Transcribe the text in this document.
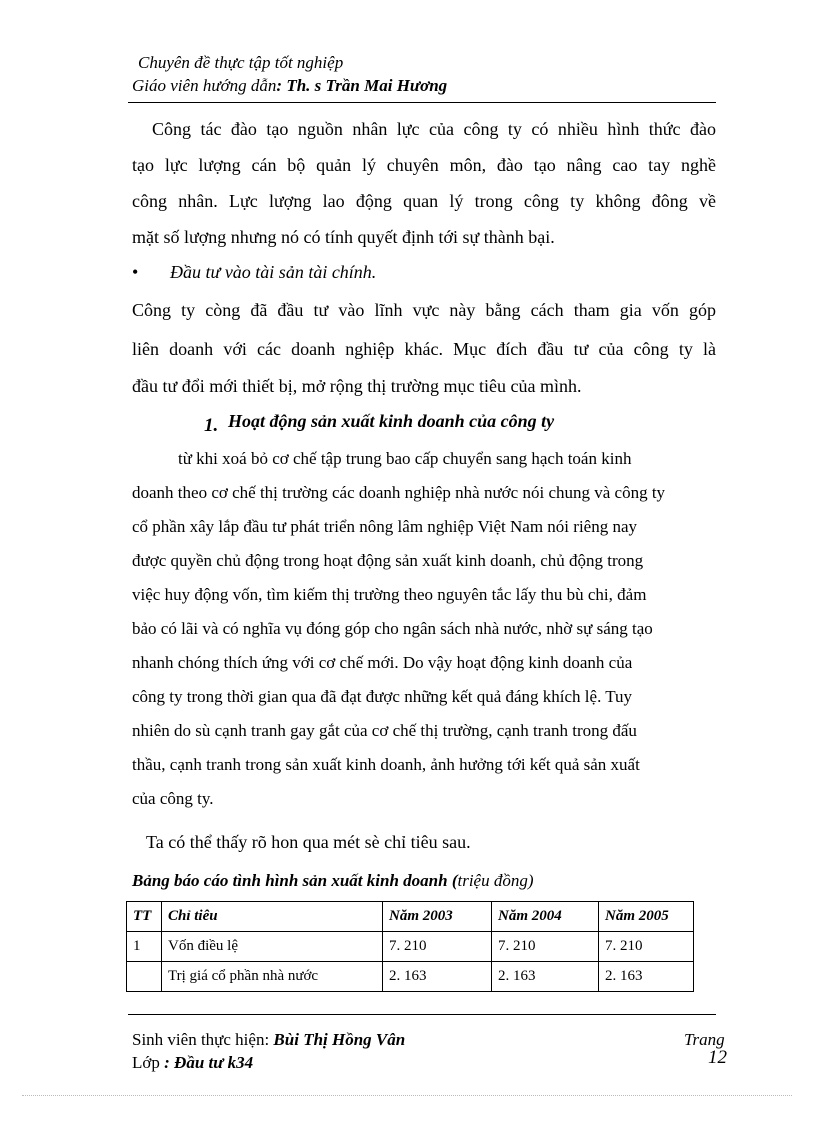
Chuyên đề thực tập tốt nghiệp
Giáo viên hướng dẫn: Th. s Trần Mai Hương
Công tác đào tạo nguồn nhân lực của công ty có nhiều hình thức đào
tạo lực lượng cán bộ quản lý chuyên môn, đào tạo nâng cao tay nghề
công nhân. Lực lượng lao động quan lý trong công ty không đông về
mặt số lượng nhưng nó có tính quyết định tới sự thành bại.
• Đầu tư vào tài sản tài chính.
Công ty còng đã đầu tư vào lĩnh vực này bằng cách tham gia vốn góp
liên doanh với các doanh nghiệp khác. Mục đích đầu tư của công ty là
đầu tư đổi mới thiết bị, mở rộng thị trường mục tiêu của mình.
1. Hoạt động sản xuất kinh doanh của công ty
từ khi xoá bỏ cơ chế tập trung bao cấp chuyển sang hạch toán kinh
doanh theo cơ chế thị trường các doanh nghiệp nhà nước nói chung và công ty
cổ phần xây lắp đầu tư phát triển nông lâm nghiệp Việt Nam nói riêng nay
được quyền chủ động trong hoạt động sản xuất kinh doanh, chủ động trong
việc huy động vốn, tìm kiếm thị trường theo nguyên tắc lấy thu bù chi, đảm
bảo có lãi và có nghĩa vụ đóng góp cho ngân sách nhà nước, nhờ sự sáng tạo
nhanh chóng thích ứng với cơ chế mới. Do vậy hoạt động kinh doanh của
công ty trong thời gian qua đã đạt được những kết quả đáng khích lệ. Tuy
nhiên do sù cạnh tranh gay gắt của cơ chế thị trường, cạnh tranh trong đấu
thầu, cạnh tranh trong sản xuất kinh doanh, ảnh hưởng tới kết quả sản xuất
của công ty.
Ta có thể thấy rõ hon qua mét sè chỉ tiêu sau.
Bảng báo cáo tình hình sản xuất kinh doanh (triệu đồng)
TT	Chỉ tiêu	Năm 2003	Năm 2004	Năm 2005
1	Vốn điều lệ	7. 210	7. 210	7. 210
	Trị giá cổ phần nhà nước	2. 163	2. 163	2. 163
Sinh viên thực hiện: Bùi Thị Hồng Vân
Lớp : Đầu tư k34
Trang
12
